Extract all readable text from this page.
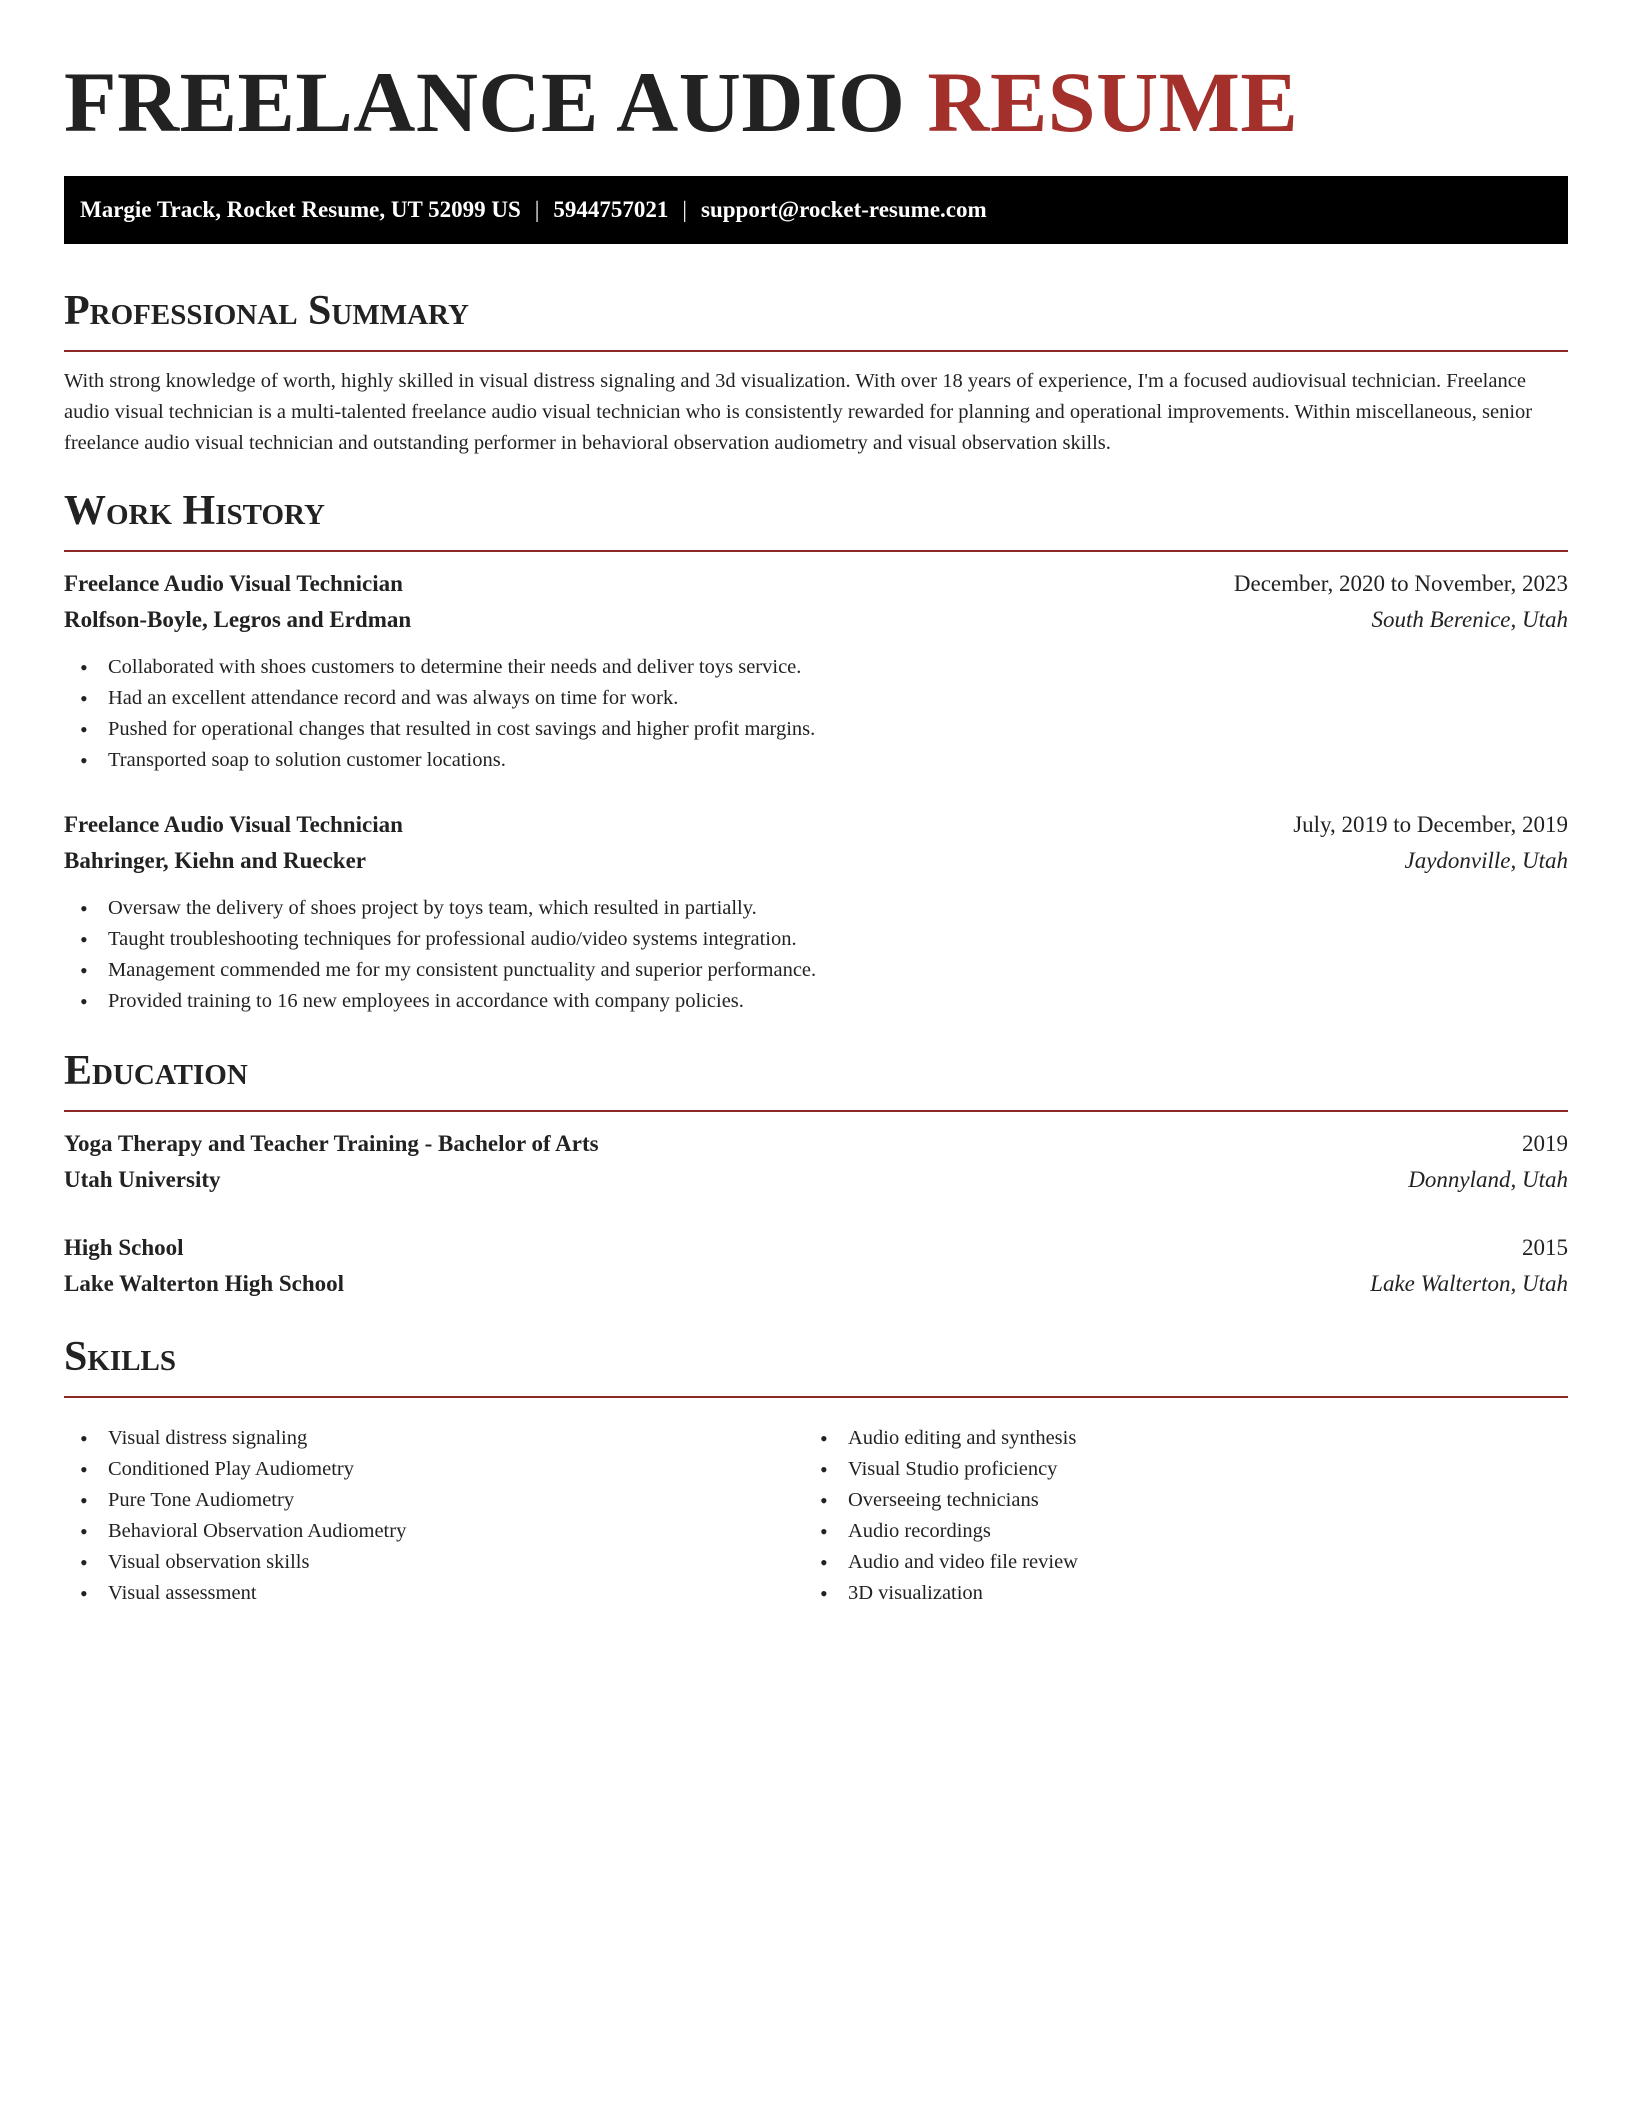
FREELANCE AUDIO RESUME
Margie Track, Rocket Resume, UT 52099 US | 5944757021 | support@rocket-resume.com
Professional Summary

With strong knowledge of worth, highly skilled in visual distress signaling and 3d visualization. With over 18 years of experience, I'm a focused audiovisual technician. Freelance audio visual technician is a multi-talented freelance audio visual technician who is consistently rewarded for planning and operational improvements. Within miscellaneous, senior freelance audio visual technician and outstanding performer in behavioral observation audiometry and visual observation skills.

Work History
Freelance Audio Visual Technician	December, 2020 to November, 2023
Rolfson-Boyle, Legros and Erdman	South Berenice, Utah
• Collaborated with shoes customers to determine their needs and deliver toys service.
• Had an excellent attendance record and was always on time for work.
• Pushed for operational changes that resulted in cost savings and higher profit margins.
• Transported soap to solution customer locations.
Freelance Audio Visual Technician	July, 2019 to December, 2019
Bahringer, Kiehn and Ruecker	Jaydonville, Utah
• Oversaw the delivery of shoes project by toys team, which resulted in partially.
• Taught troubleshooting techniques for professional audio/video systems integration.
• Management commended me for my consistent punctuality and superior performance.
• Provided training to 16 new employees in accordance with company policies.
Education
Yoga Therapy and Teacher Training - Bachelor of Arts	2019
Utah University	Donnyland, Utah
High School	2015
Lake Walterton High School	Lake Walterton, Utah
Skills
• Visual distress signaling
• Conditioned Play Audiometry
• Pure Tone Audiometry
• Behavioral Observation Audiometry
• Visual observation skills
• Visual assessment
• Audio editing and synthesis
• Visual Studio proficiency
• Overseeing technicians
• Audio recordings
• Audio and video file review
• 3D visualization
